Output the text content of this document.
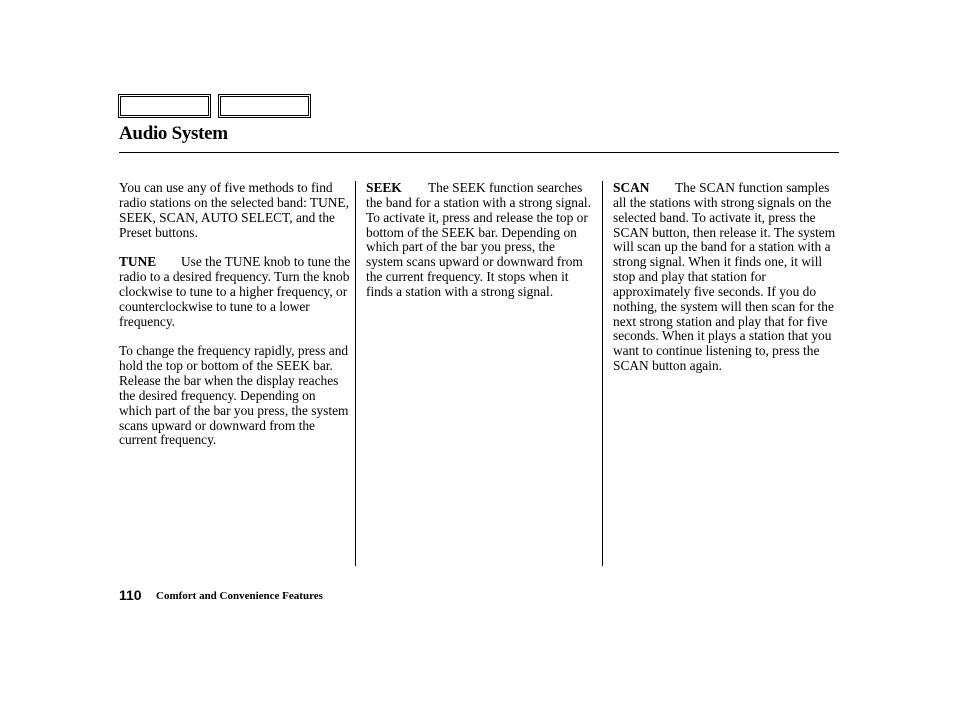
Audio System

You can use any of five methods to find radio stations on the selected band: TUNE, SEEK, SCAN, AUTO SELECT, and the Preset buttons.

TUNE Use the TUNE knob to tune the radio to a desired frequency. Turn the knob clockwise to tune to a higher frequency, or counterclockwise to tune to a lower frequency.

To change the frequency rapidly, press and hold the top or bottom of the SEEK bar. Release the bar when the display reaches the desired frequency. Depending on which part of the bar you press, the system scans upward or downward from the current frequency.

SEEK The SEEK function searches the band for a station with a strong signal. To activate it, press and release the top or bottom of the SEEK bar. Depending on which part of the bar you press, the system scans upward or downward from the current frequency. It stops when it finds a station with a strong signal.

SCAN The SCAN function samples all the stations with strong signals on the selected band. To activate it, press the SCAN button, then release it. The system will scan up the band for a station with a strong signal. When it finds one, it will stop and play that station for approximately five seconds. If you do nothing, the system will then scan for the next strong station and play that for five seconds. When it plays a station that you want to continue listening to, press the SCAN button again.

110 Comfort and Convenience Features
